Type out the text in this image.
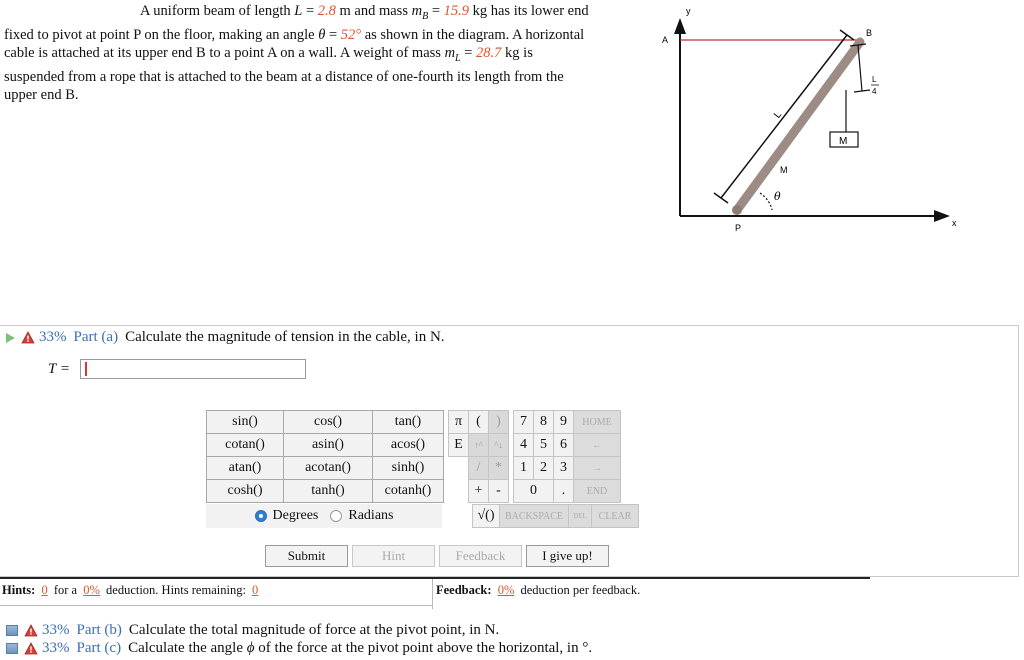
A uniform beam of length L = 2.8 m and mass $m_B = 15.9$ kg has its lower end
fixed to pivot at point P on the floor, making an angle θ = 52° as shown in the diagram. A horizontal
cable is attached at its upper end B to a point A on a wall. A weight of mass $m_L = 28.7$ kg is
suspended from a rope that is attached to the beam at a distance of one-fourth its length from the
upper end B.
y
x
A
B
P
L
M
L
4
M
θ
33% Part (a) Calculate the magnitude of tension in the cable, in N.
T =
sin()	cos()	tan()
cotan()	asin()	acos()
atan()	acotan()	sinh()
cosh()	tanh()	cotanh()
Degrees Radians
π	(	)		7	8	9	HOME
E	↑^	^↓		4	5	6	←
	/	*		1	2	3	→
	+	-		0		.	END
√()	BACKSPACE	DEL	CLEAR
Submit	Hint	Feedback	I give up!
Hints: 0 for a 0% deduction. Hints remaining: 0	Feedback: 0% deduction per feedback.
33% Part (b) Calculate the total magnitude of force at the pivot point, in N.
33% Part (c) Calculate the angle ϕ of the force at the pivot point above the horizontal, in °.
